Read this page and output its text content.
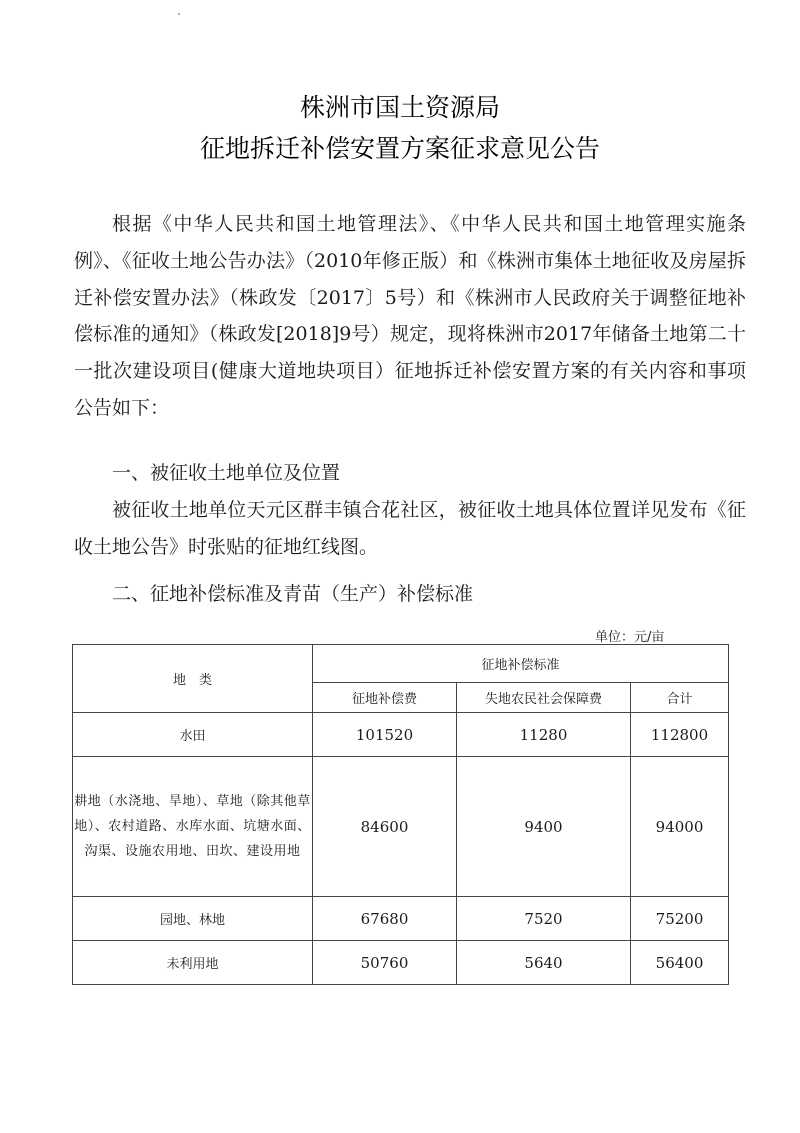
株洲市国土资源局
征地拆迁补偿安置方案征求意见公告
根据《中华人民共和国土地管理法》、《中华人民共和国土地管理实施条例》、《征收土地公告办法》（2010年修正版）和《株洲市集体土地征收及房屋拆迁补偿安置办法》（株政发〔2017〕5号）和《株洲市人民政府关于调整征地补偿标准的通知》（株政发[2018]9号）规定，现将株洲市2017年储备土地第二十一批次建设项目(健康大道地块项目）征地拆迁补偿安置方案的有关内容和事项公告如下：
一、被征收土地单位及位置
被征收土地单位天元区群丰镇合花社区，被征收土地具体位置详见发布《征收土地公告》时张贴的征地红线图。
二、征地补偿标准及青苗（生产）补偿标准
单位：元/亩
地　类	征地补偿标准		
	征地补偿费	失地农民社会保障费	合计
水田	101520	11280	112800
耕地（水浇地、旱地）、草地（除其他草地）、农村道路、水库水面、坑塘水面、沟渠、设施农用地、田坎、建设用地	84600	9400	94000
园地、林地	67680	7520	75200
未利用地	50760	5640	56400
